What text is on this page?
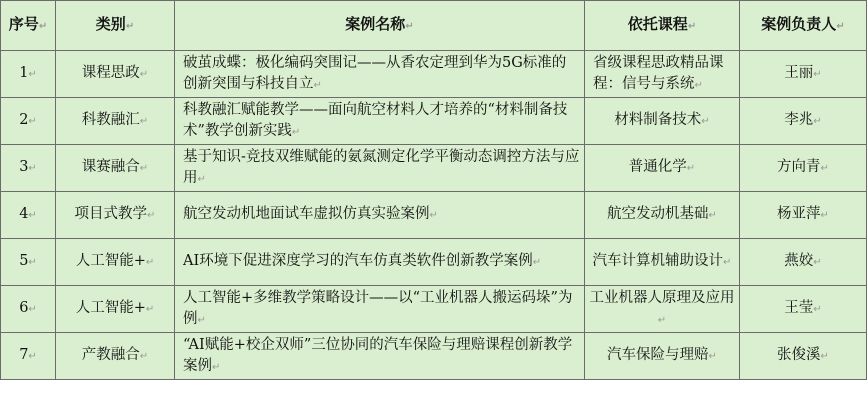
序号↵	类别↵	案例名称↵	依托课程↵	案例负责人↵
1↵	课程思政↵	破茧成蝶：极化编码突围记——从香农定理到华为5G标准的创新突围与科技自立↵	省级课程思政精品课程：信号与系统↵	王丽↵
2↵	科教融汇↵	科教融汇赋能教学——面向航空材料人才培养的“材料制备技术”教学创新实践↵	材料制备技术↵	李兆↵
3↵	课赛融合↵	基于知识-竞技双维赋能的氨氮测定化学平衡动态调控方法与应用↵	普通化学↵	方向青↵
4↵	项目式教学↵	航空发动机地面试车虚拟仿真实验案例↵	航空发动机基础↵	杨亚萍↵
5↵	人工智能+↵	AI环境下促进深度学习的汽车仿真类软件创新教学案例↵	汽车计算机辅助设计↵	燕姣↵
6↵	人工智能+↵	人工智能+多维教学策略设计——以“工业机器人搬运码垛”为例↵	工业机器人原理及应用↵	王莹↵
7↵	产教融合↵	“AI赋能+校企双师”三位协同的汽车保险与理赔课程创新教学案例↵	汽车保险与理赔↵	张俊溪↵
